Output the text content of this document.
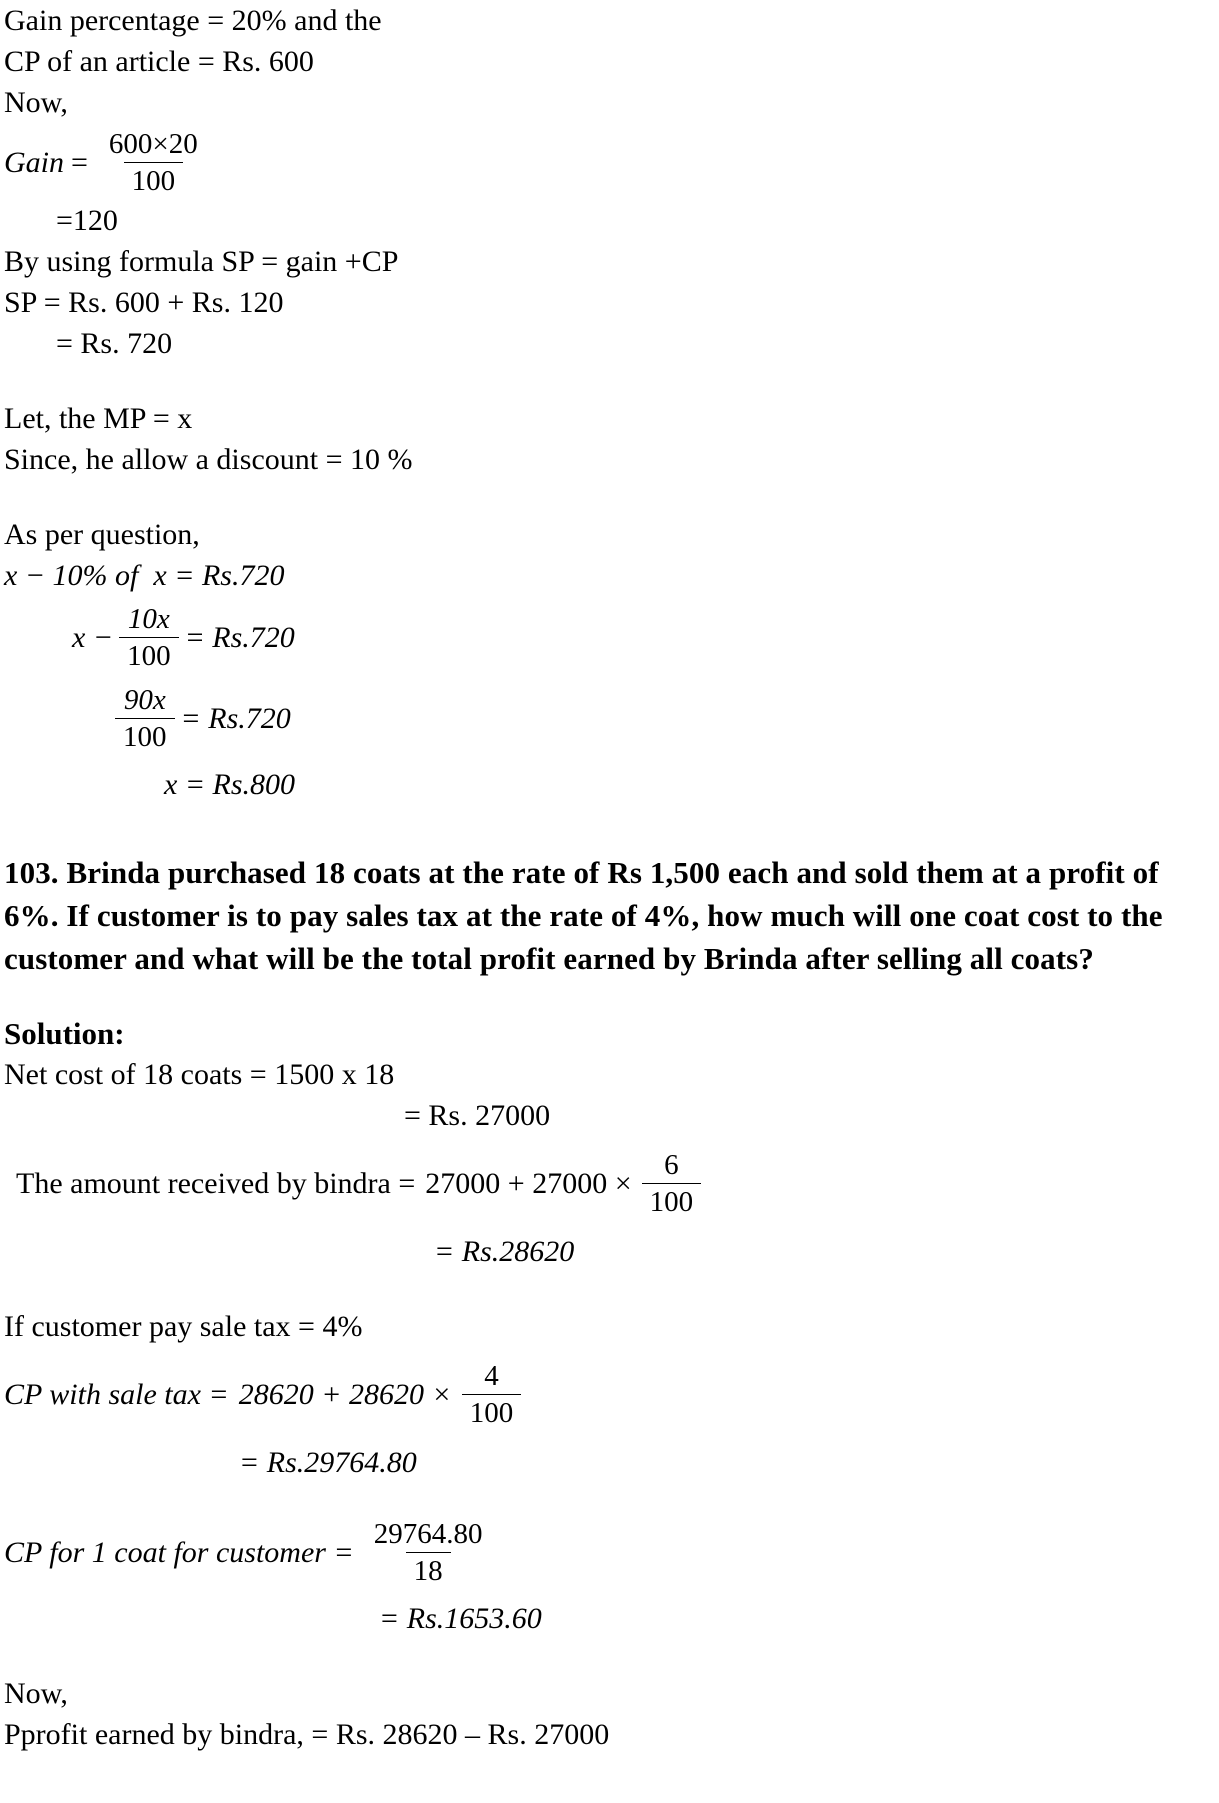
Gain percentage = 20% and the
CP of an article = Rs. 600
Now,
Gain = $\frac{600\times 20}{100}$
=120
By using formula SP = gain +CP
SP = Rs. 600 + Rs. 120
= Rs. 720
Let, the MP = x
Since, he allow a discount = 10 %
As per question,
x − 10% of  x = Rs.720
$x - \frac{10x}{100} = Rs.720$
$\frac{90x}{100} = Rs.720$
x = Rs.800
103. Brinda purchased 18 coats at the rate of Rs 1,500 each and sold them at a profit of 6%. If customer is to pay sales tax at the rate of 4%, how much will one coat cost to the customer and what will be the total profit earned by Brinda after selling all coats?
Solution:
Net cost of 18 coats = 1500 x 18
= Rs. 27000
The amount received by bindra = $27000 + 27000 \times \frac{6}{100}$
= Rs.28620
If customer pay sale tax = 4%
CP with sale tax = $28620 + 28620 \times \frac{4}{100}$
= Rs.29764.80
CP for 1 coat for customer = $\frac{29764.80}{18}$
= Rs.1653.60
Now,
Pprofit earned by bindra, = Rs. 28620 – Rs. 27000
